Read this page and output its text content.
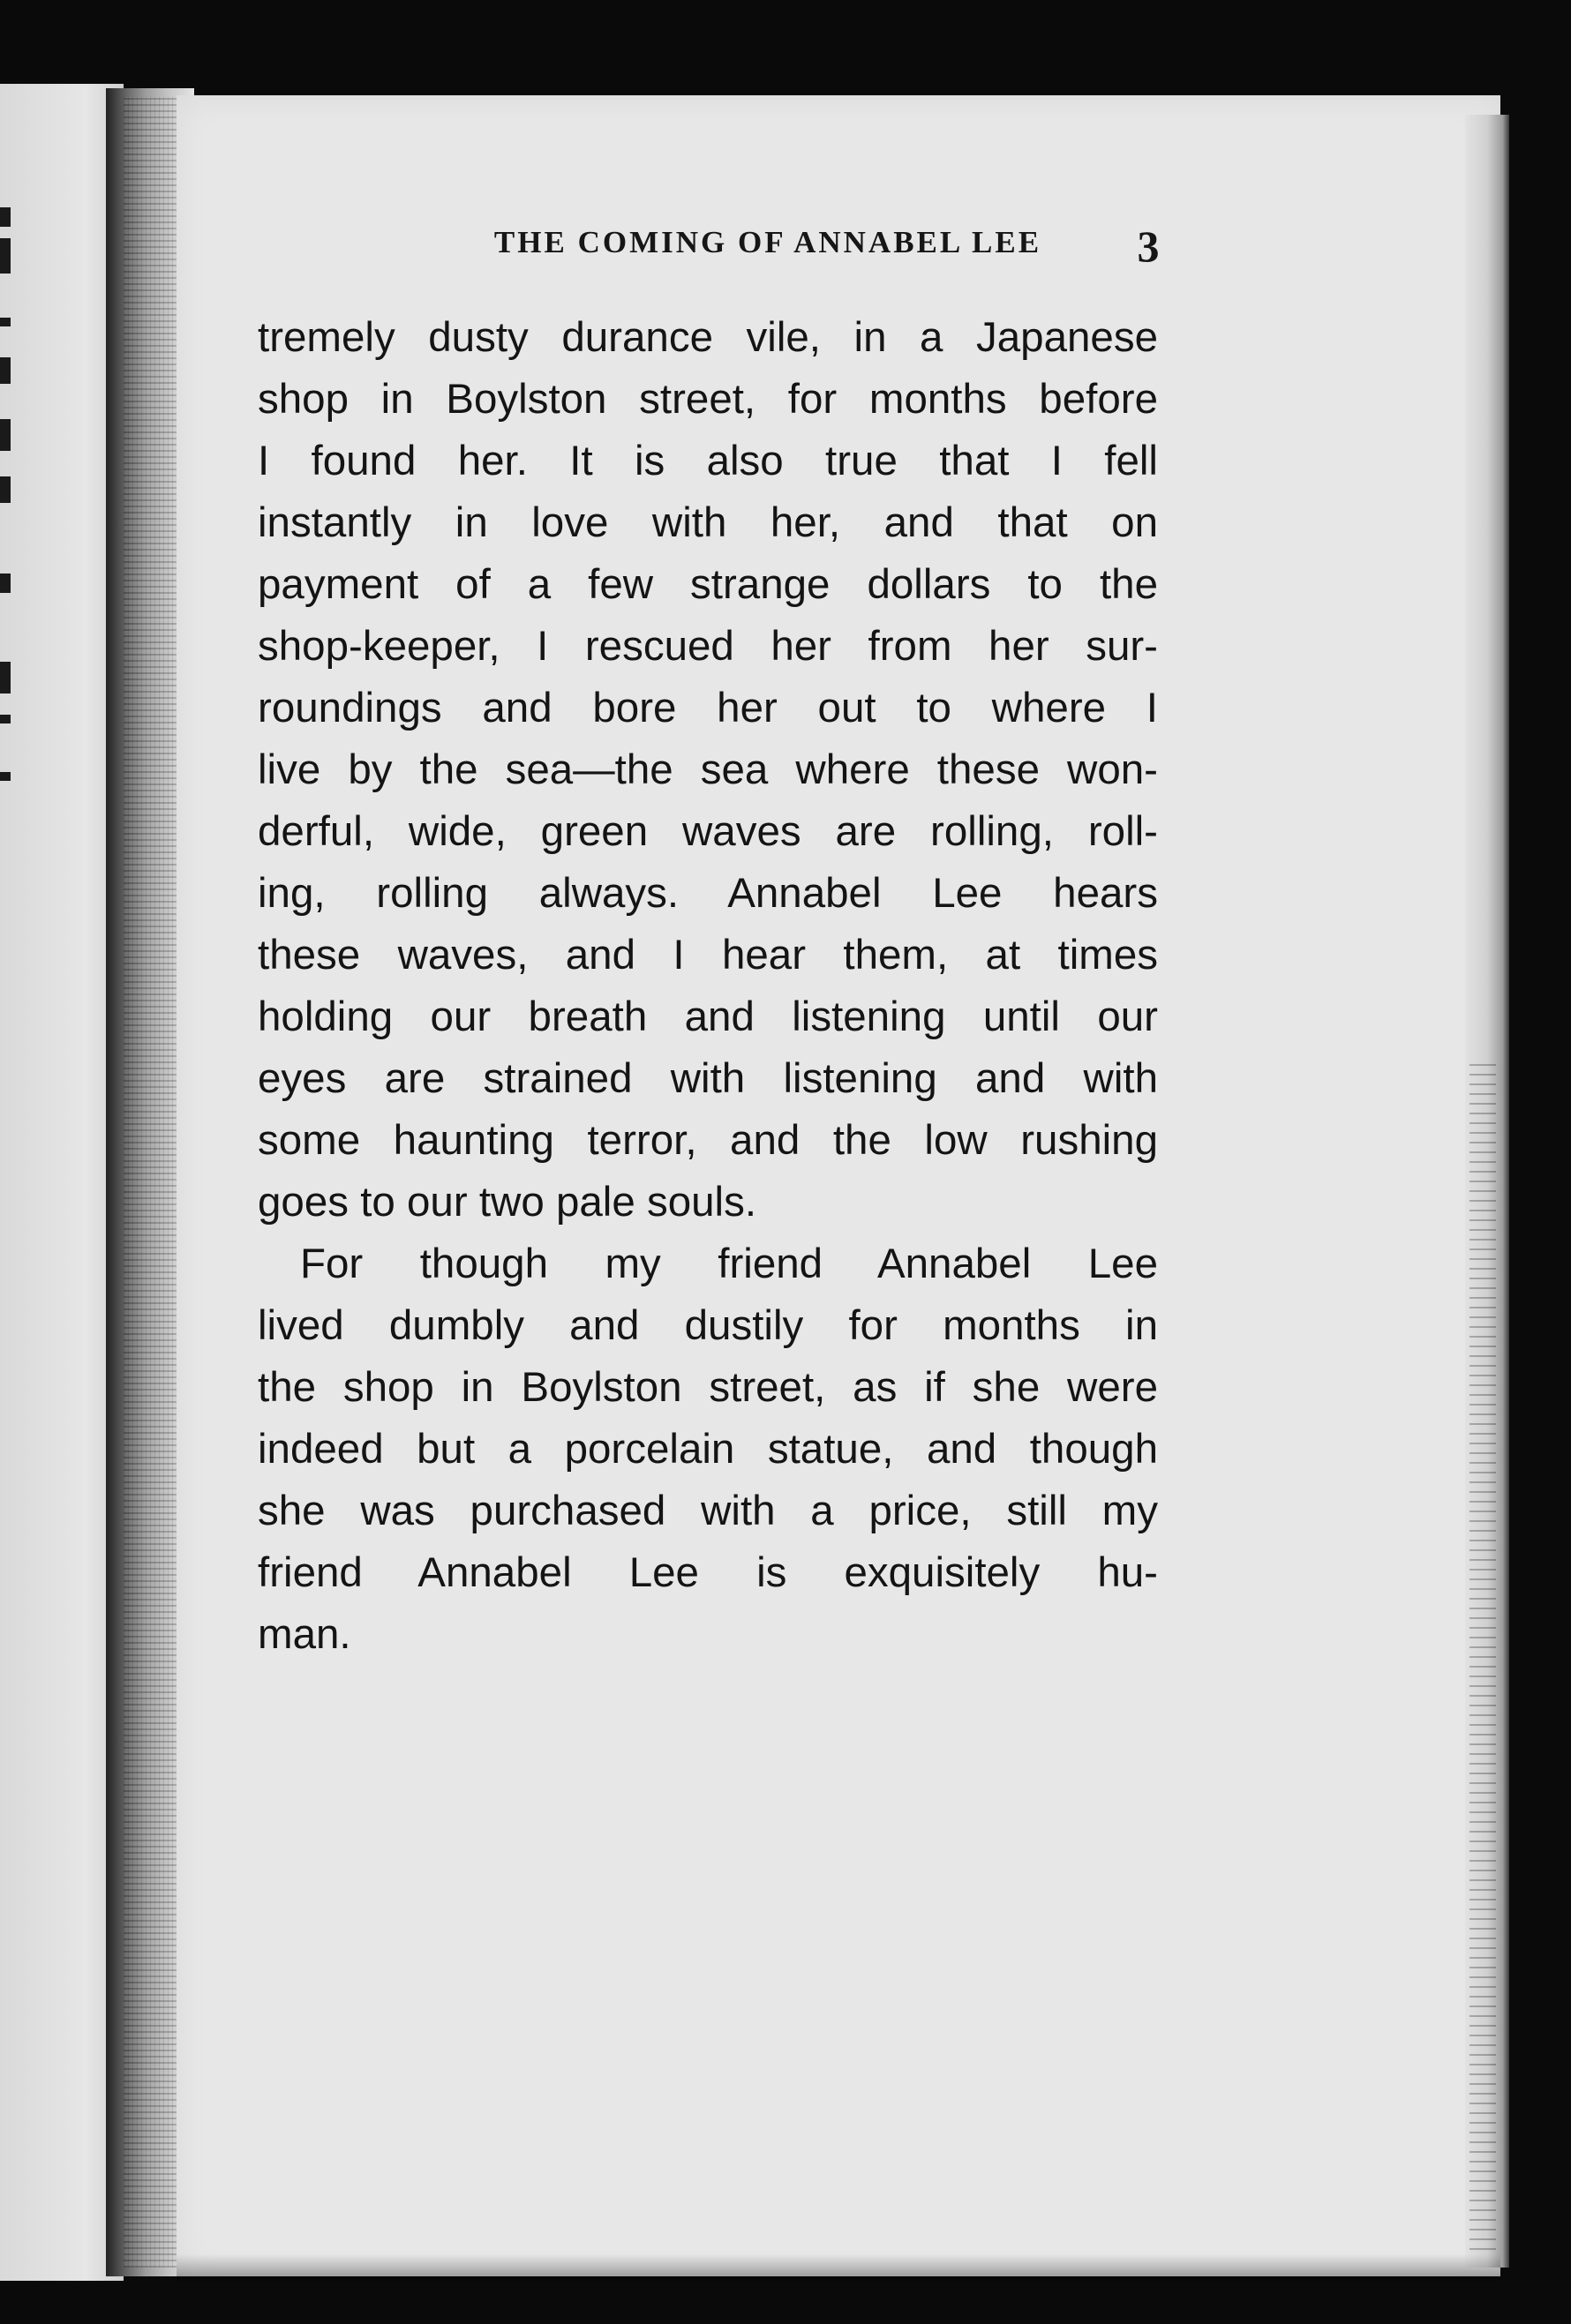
THE COMING OF ANNABEL LEE	3
tremely dusty durance vile, in a Japanese
shop in Boylston street, for months before
I found her. It is also true that I fell
instantly in love with her, and that on
payment of a few strange dollars to the
shop-keeper, I rescued her from her sur-
roundings and bore her out to where I
live by the sea—the sea where these won-
derful, wide, green waves are rolling, roll-
ing, rolling always. Annabel Lee hears
these waves, and I hear them, at times
holding our breath and listening until our
eyes are strained with listening and with
some haunting terror, and the low rushing
goes to our two pale souls.
For though my friend Annabel Lee
lived dumbly and dustily for months in
the shop in Boylston street, as if she were
indeed but a porcelain statue, and though
she was purchased with a price, still my
friend Annabel Lee is exquisitely hu-
man.
